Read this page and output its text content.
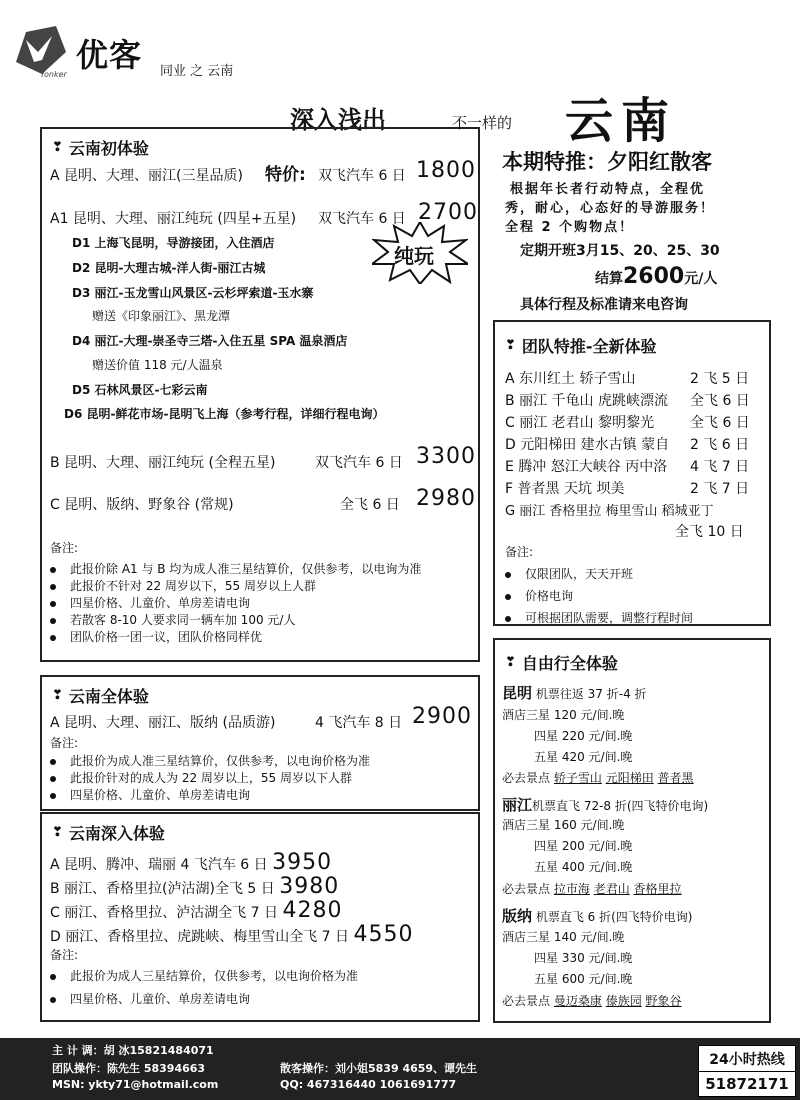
优客 同业 之 云南
Yonker
深入浅出	不一样的 云南
❣ 云南初体验
A 昆明、大理、丽江(三星品质) 特价: 双飞汽车 6 日 1800
A1 昆明、大理、丽江纯玩 (四星+五星) 双飞汽车 6 日 2700
纯玩
D1 上海飞昆明，导游接团，入住酒店
D2 昆明-大理古城-洋人街-丽江古城
D3 丽江-玉龙雪山风景区-云杉坪索道-玉水寨
赠送《印象丽江》、黑龙潭
D4 丽江-大理-崇圣寺三塔-入住五星 SPA 温泉酒店
赠送价值 118 元/人温泉
D5 石林风景区-七彩云南
D6 昆明-鲜花市场-昆明飞上海（参考行程，详细行程电询）
B 昆明、大理、丽江纯玩 (全程五星)	双飞汽车 6 日 3300
C 昆明、版纳、野象谷 (常规)	全飞 6 日 2980
备注:
此报价除 A1 与 B 均为成人准三星结算价，仅供参考，以电询为准
此报价不针对 22 周岁以下，55 周岁以上人群
四星价格、儿童价、单房差请电询
若散客 8-10 人要求同一辆车加 100 元/人
团队价格一团一议，团队价格同样优
本期特推：夕阳红散客
根据年长者行动特点，全程优
秀，耐心，心态好的导游服务！
全程 2 个购物点！
定期开班3月15、20、25、30
结算2600元/人
具体行程及标准请来电咨询
❣ 团队特推-全新体验
A 东川红土 轿子雪山	2 飞 5 日
B 丽江 千龟山 虎跳峡漂流 全飞 6 日
C 丽江 老君山 黎明黎光	全飞 6 日
D 元阳梯田 建水古镇 蒙自 2 飞 6 日
E 腾冲 怒江大峡谷 丙中洛 4 飞 7 日
F 普者黑 天坑 坝美	2 飞 7 日
G 丽江 香格里拉 梅里雪山 稻城亚丁
全飞 10 日
备注:
仅限团队，天天开班
价格电询
可根据团队需要，调整行程时间
❣ 云南全体验
A 昆明、大理、丽江、版纳 (品质游)	4 飞汽车 8 日 2900
备注:
此报价为成人准三星结算价，仅供参考，以电询价格为准
此报价针对的成人为 22 周岁以上，55 周岁以下人群
四星价格、儿童价、单房差请电询
❣ 云南深入体验
A 昆明、腾冲、瑞丽 4 飞汽车 6 日 3950
B 丽江、香格里拉(泸沽湖)全飞 5 日 3980
C 丽江、香格里拉、泸沽湖全飞 7 日 4280
D 丽江、香格里拉、虎跳峡、梅里雪山全飞 7 日 4550
备注:
此报价为成人三星结算价，仅供参考，以电询价格为准
四星价格、儿童价、单房差请电询
❣ 自由行全体验
昆明 机票往返 37 折-4 折
酒店三星 120 元/间.晚
四星 220 元/间.晚
五星 420 元/间.晚
必去景点 轿子雪山 元阳梯田 普者黑
丽江机票直飞 72-8 折(四飞特价电询)
酒店三星 160 元/间.晚
四星 200 元/间.晚
五星 400 元/间.晚
必去景点 拉市海 老君山 香格里拉
版纳 机票直飞 6 折(四飞特价电询)
酒店三星 140 元/间.晚
四星 330 元/间.晚
五星 600 元/间.晚
必去景点 曼迈桑康 傣族园 野象谷
主 计 调：胡 冰15821484071
团队操作：陈先生 58394663
MSN: ykty71@hotmail.com
散客操作：刘小姐5839 4659、谭先生
QQ: 467316440 1061691777
24小时热线
51872171
